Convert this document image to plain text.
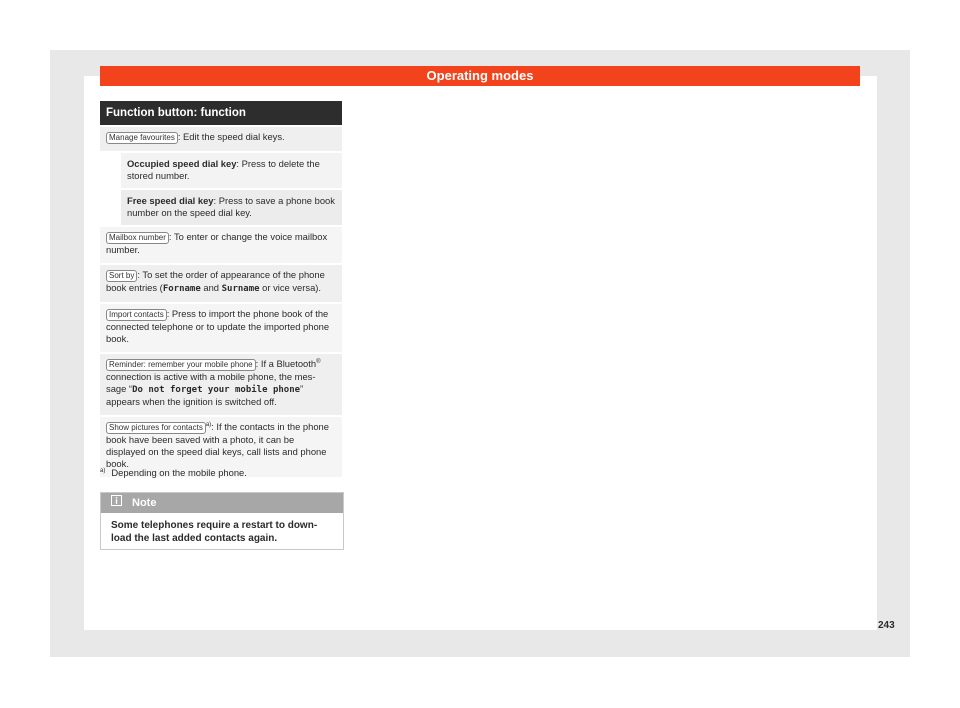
Operating modes
Function button: function
Manage favourites : Edit the speed dial keys.
Occupied speed dial key: Press to delete the stored number.
Free speed dial key: Press to save a phone book number on the speed dial key.
Mailbox number : To enter or change the voice mailbox number.
Sort by : To set the order of appearance of the phone book entries (Forname and Surname or vice versa).
Import contacts : Press to import the phone book of the connected telephone or to update the imported phone book.
Reminder: remember your mobile phone : If a Bluetooth® connection is active with a mobile phone, the mes- sage “Do not forget your mobile phone” appears when the ignition is switched off.
Show pictures for contacts $^{a)}$: If the contacts in the phone book have been saved with a photo, it can be displayed on the speed dial keys, call lists and phone book.
$^{a)}$ Depending on the mobile phone.
Note
Some telephones require a restart to down- load the last added contacts again.
243
